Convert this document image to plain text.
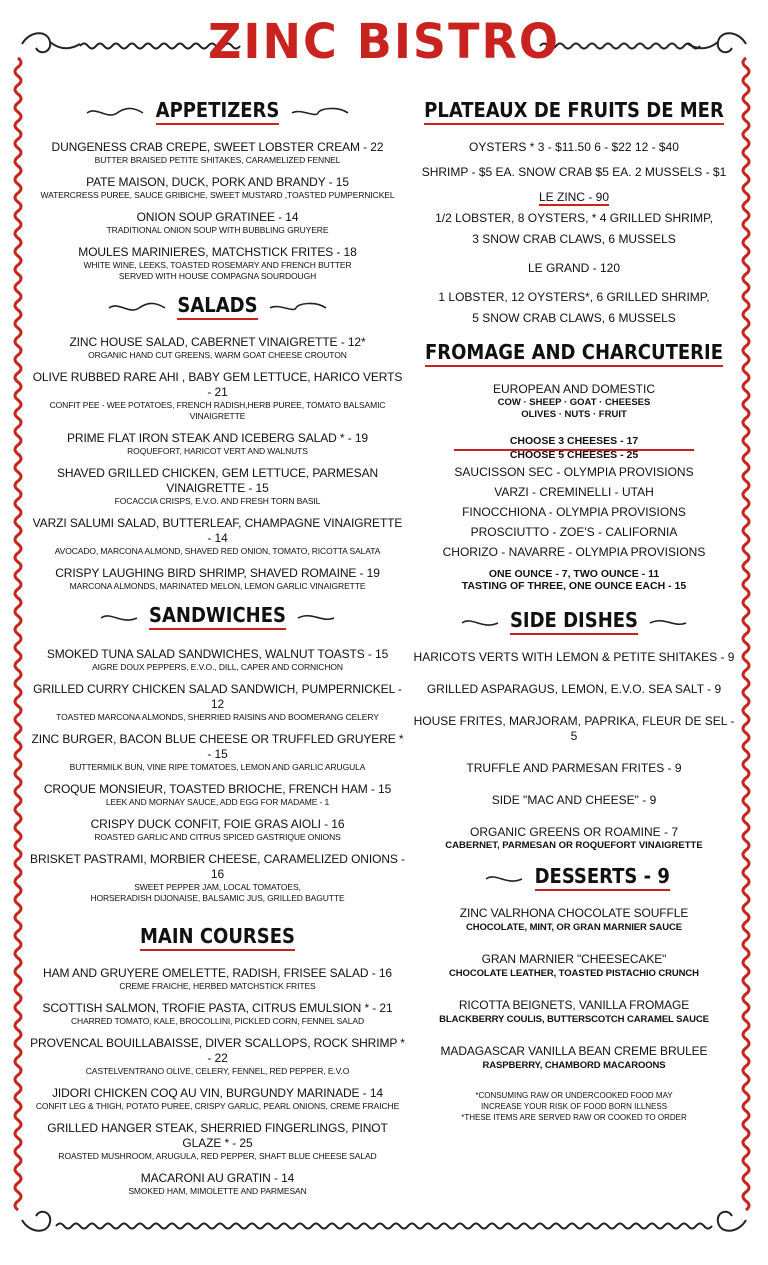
ZINC BISTRO
APPETIZERS
DUNGENESS CRAB CREPE, SWEET LOBSTER CREAM - 22
BUTTER BRAISED PETITE SHITAKES, CARAMELIZED FENNEL
PATE MAISON, DUCK, PORK AND BRANDY - 15
WATERCRESS PUREE, SAUCE GRIBICHE, SWEET MUSTARD ,TOASTED PUMPERNICKEL
ONION SOUP GRATINEE - 14
TRADITIONAL ONION SOUP WITH BUBBLING GRUYERE
MOULES MARINIERES, MATCHSTICK FRITES - 18
WHITE WINE, LEEKS, TOASTED ROSEMARY AND FRENCH BUTTER
SERVED WITH HOUSE COMPAGNA SOURDOUGH
SALADS
ZINC HOUSE SALAD, CABERNET VINAIGRETTE - 12*
ORGANIC HAND CUT GREENS, WARM GOAT CHEESE CROUTON
OLIVE RUBBED RARE AHI , BABY GEM LETTUCE, HARICO VERTS - 21
CONFIT PEE - WEE POTATOES, FRENCH RADISH,HERB PUREE, TOMATO BALSAMIC VINAIGRETTE
PRIME FLAT IRON STEAK AND ICEBERG SALAD * - 19
ROQUEFORT, HARICOT VERT AND WALNUTS
SHAVED GRILLED CHICKEN, GEM LETTUCE, PARMESAN VINAIGRETTE - 15
FOCACCIA CRISPS, E.V.O. AND FRESH TORN BASIL
VARZI SALUMI SALAD, BUTTERLEAF, CHAMPAGNE VINAIGRETTE - 14
AVOCADO, MARCONA ALMOND, SHAVED RED ONION, TOMATO, RICOTTA SALATA
CRISPY LAUGHING BIRD SHRIMP, SHAVED ROMAINE - 19
MARCONA ALMONDS, MARINATED MELON, LEMON GARLIC VINAIGRETTE
SANDWICHES
SMOKED TUNA SALAD SANDWICHES, WALNUT TOASTS - 15
AIGRE DOUX PEPPERS, E.V.O., DILL, CAPER AND CORNICHON
GRILLED CURRY CHICKEN SALAD SANDWICH, PUMPERNICKEL - 12
TOASTED MARCONA ALMONDS, SHERRIED RAISINS AND BOOMERANG CELERY
ZINC BURGER, BACON BLUE CHEESE OR TRUFFLED GRUYERE * - 15
BUTTERMILK BUN, VINE RIPE TOMATOES, LEMON AND GARLIC ARUGULA
CROQUE MONSIEUR, TOASTED BRIOCHE, FRENCH HAM - 15
LEEK AND MORNAY SAUCE, ADD EGG FOR MADAME - 1
CRISPY DUCK CONFIT, FOIE GRAS AIOLI - 16
ROASTED GARLIC AND CITRUS SPICED GASTRIQUE ONIONS
BRISKET PASTRAMI, MORBIER CHEESE, CARAMELIZED ONIONS - 16
SWEET PEPPER JAM, LOCAL TOMATOES,
HORSERADISH DIJONAISE, BALSAMIC JUS, GRILLED BAGUTTE
MAIN COURSES
HAM AND GRUYERE OMELETTE, RADISH, FRISEE SALAD - 16
CREME FRAICHE, HERBED MATCHSTICK FRITES
SCOTTISH SALMON, TROFIE PASTA, CITRUS EMULSION * - 21
CHARRED TOMATO, KALE, BROCOLLINI, PICKLED CORN, FENNEL SALAD
PROVENCAL BOUILLABAISSE, DIVER SCALLOPS, ROCK SHRIMP * - 22
CASTELVENTRANO OLIVE, CELERY, FENNEL, RED PEPPER, E.V.O
JIDORI CHICKEN COQ AU VIN, BURGUNDY MARINADE - 14
CONFIT LEG & THIGH, POTATO PUREE, CRISPY GARLIC, PEARL ONIONS, CREME FRAICHE
GRILLED HANGER STEAK, SHERRIED FINGERLINGS, PINOT GLAZE * - 25
ROASTED MUSHROOM, ARUGULA, RED PEPPER, SHAFT BLUE CHEESE SALAD
MACARONI AU GRATIN - 14
SMOKED HAM, MIMOLETTE AND PARMESAN
PLATEAUX DE FRUITS DE MER
OYSTERS * 3 - $11.50 6 - $22 12 - $40
SHRIMP - $5 EA. SNOW CRAB $5 EA. 2 MUSSELS - $1
LE ZINC - 90
1/2 LOBSTER, 8 OYSTERS, * 4 GRILLED SHRIMP,
3 SNOW CRAB CLAWS, 6 MUSSELS
LE GRAND - 120
1 LOBSTER, 12 OYSTERS*, 6 GRILLED SHRIMP,
5 SNOW CRAB CLAWS, 6 MUSSELS
FROMAGE AND CHARCUTERIE
EUROPEAN AND DOMESTIC
COW · SHEEP · GOAT · CHEESES
OLIVES · NUTS · FRUIT
CHOOSE 3 CHEESES - 17
CHOOSE 5 CHEESES - 25
SAUCISSON SEC - OLYMPIA PROVISIONS
VARZI - CREMINELLI - UTAH
FINOCCHIONA - OLYMPIA PROVISIONS
PROSCIUTTO - ZOE'S - CALIFORNIA
CHORIZO - NAVARRE - OLYMPIA PROVISIONS
ONE OUNCE - 7, TWO OUNCE - 11
TASTING OF THREE, ONE OUNCE EACH - 15
SIDE DISHES
HARICOTS VERTS WITH LEMON & PETITE SHITAKES - 9
GRILLED ASPARAGUS, LEMON, E.V.O. SEA SALT - 9
HOUSE FRITES, MARJORAM, PAPRIKA, FLEUR DE SEL - 5
TRUFFLE AND PARMESAN FRITES - 9
SIDE "MAC AND CHEESE" - 9
ORGANIC GREENS OR ROAMINE - 7
CABERNET, PARMESAN OR ROQUEFORT VINAIGRETTE
DESSERTS - 9
ZINC VALRHONA CHOCOLATE SOUFFLE
CHOCOLATE, MINT, OR GRAN MARNIER SAUCE
GRAN MARNIER "CHEESECAKE"
CHOCOLATE LEATHER, TOASTED PISTACHIO CRUNCH
RICOTTA BEIGNETS, VANILLA FROMAGE
BLACKBERRY COULIS, BUTTERSCOTCH CARAMEL SAUCE
MADAGASCAR VANILLA BEAN CREME BRULEE
RASPBERRY, CHAMBORD MACAROONS
*CONSUMING RAW OR UNDERCOOKED FOOD MAY
INCREASE YOUR RISK OF FOOD BORN ILLNESS
*THESE ITEMS ARE SERVED RAW OR COOKED TO ORDER
